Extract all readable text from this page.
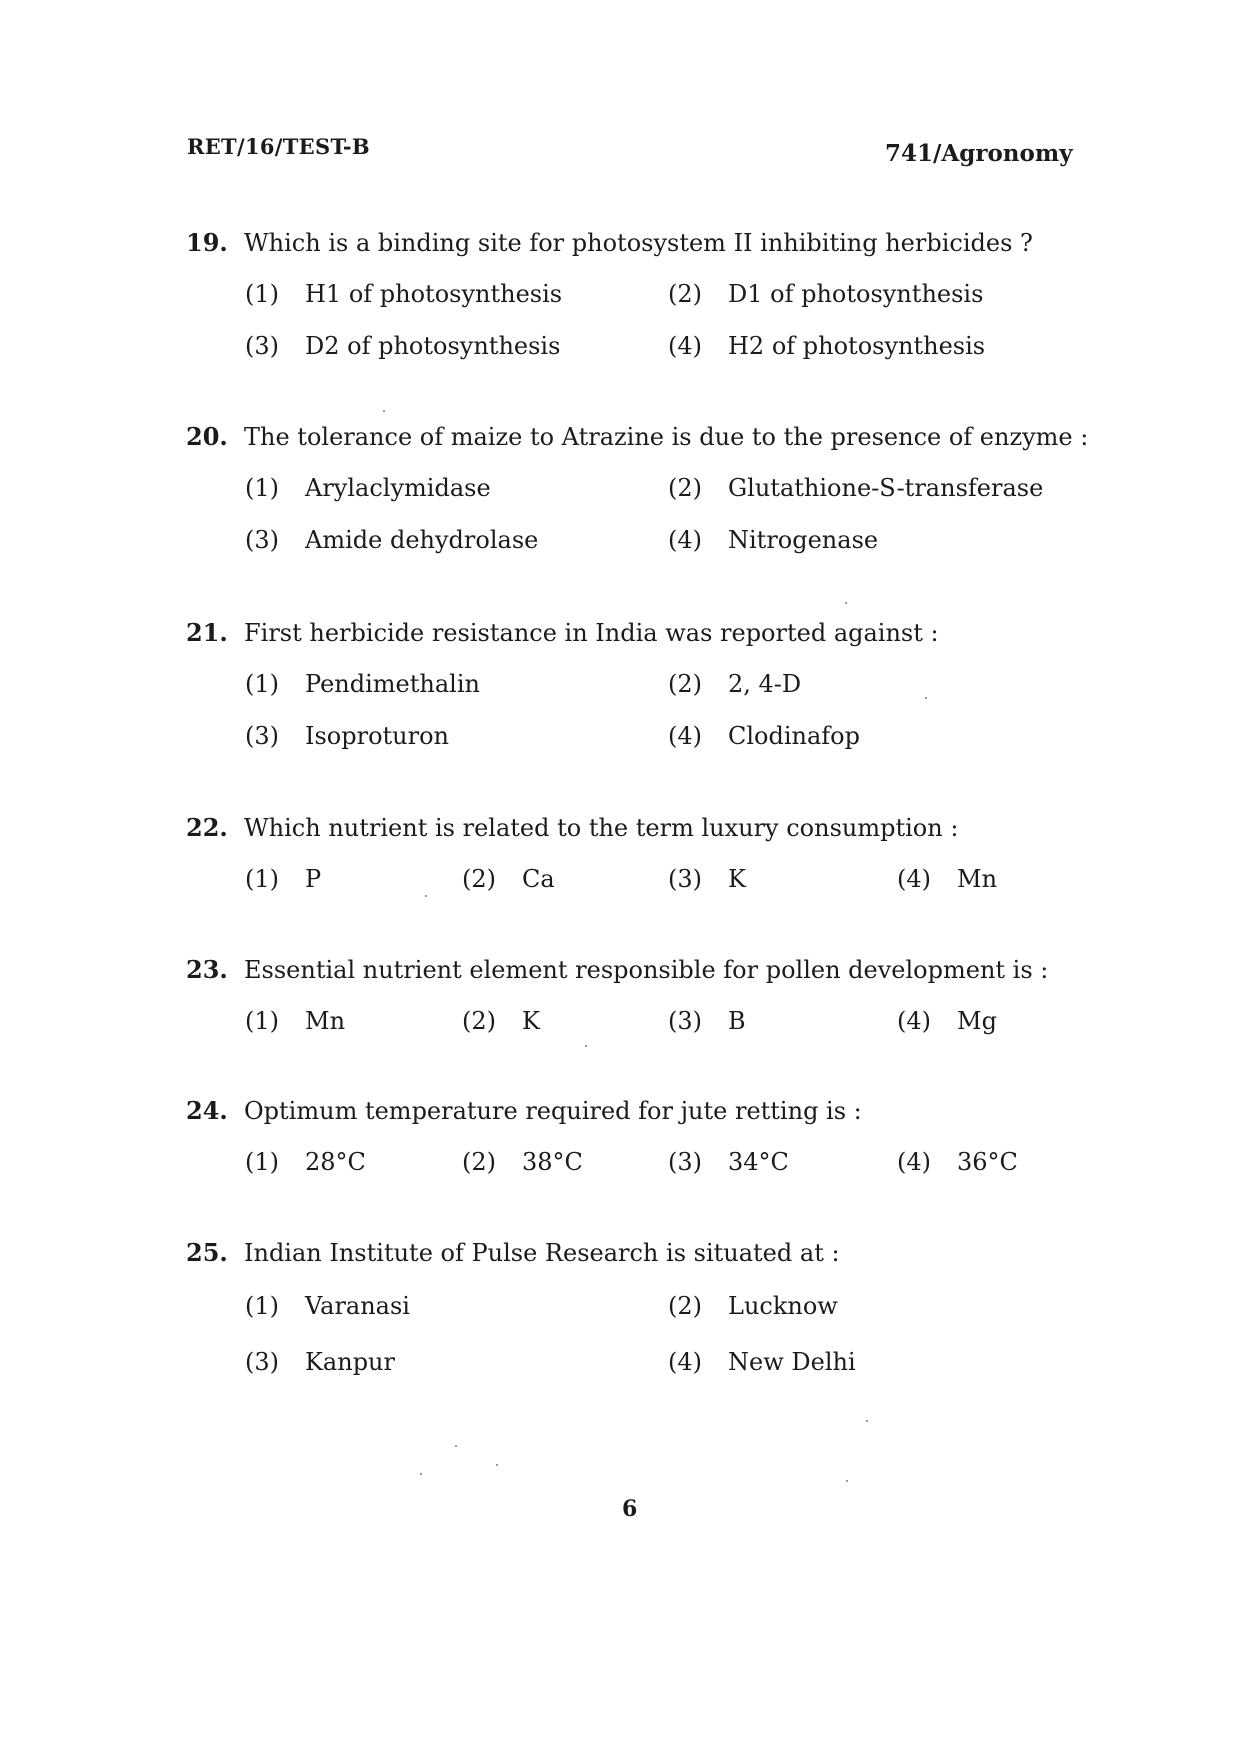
RET/16/TEST-B	741/Agronomy
19. Which is a binding site for photosystem II inhibiting herbicides ?
(1) H1 of photosynthesis	(2) D1 of photosynthesis
(3) D2 of photosynthesis	(4) H2 of photosynthesis
20. The tolerance of maize to Atrazine is due to the presence of enzyme :
(1) Arylaclymidase	(2) Glutathione-S-transferase
(3) Amide dehydrolase	(4) Nitrogenase
21. First herbicide resistance in India was reported against :
(1) Pendimethalin	(2) 2, 4-D
(3) Isoproturon	(4) Clodinafop
22. Which nutrient is related to the term luxury consumption :
(1) P	(2) Ca	(3) K	(4) Mn
23. Essential nutrient element responsible for pollen development is :
(1) Mn	(2) K	(3) B	(4) Mg
24. Optimum temperature required for jute retting is :
(1) 28°C	(2) 38°C	(3) 34°C	(4) 36°C
25. Indian Institute of Pulse Research is situated at :
(1) Varanasi	(2) Lucknow
(3) Kanpur	(4) New Delhi
6
